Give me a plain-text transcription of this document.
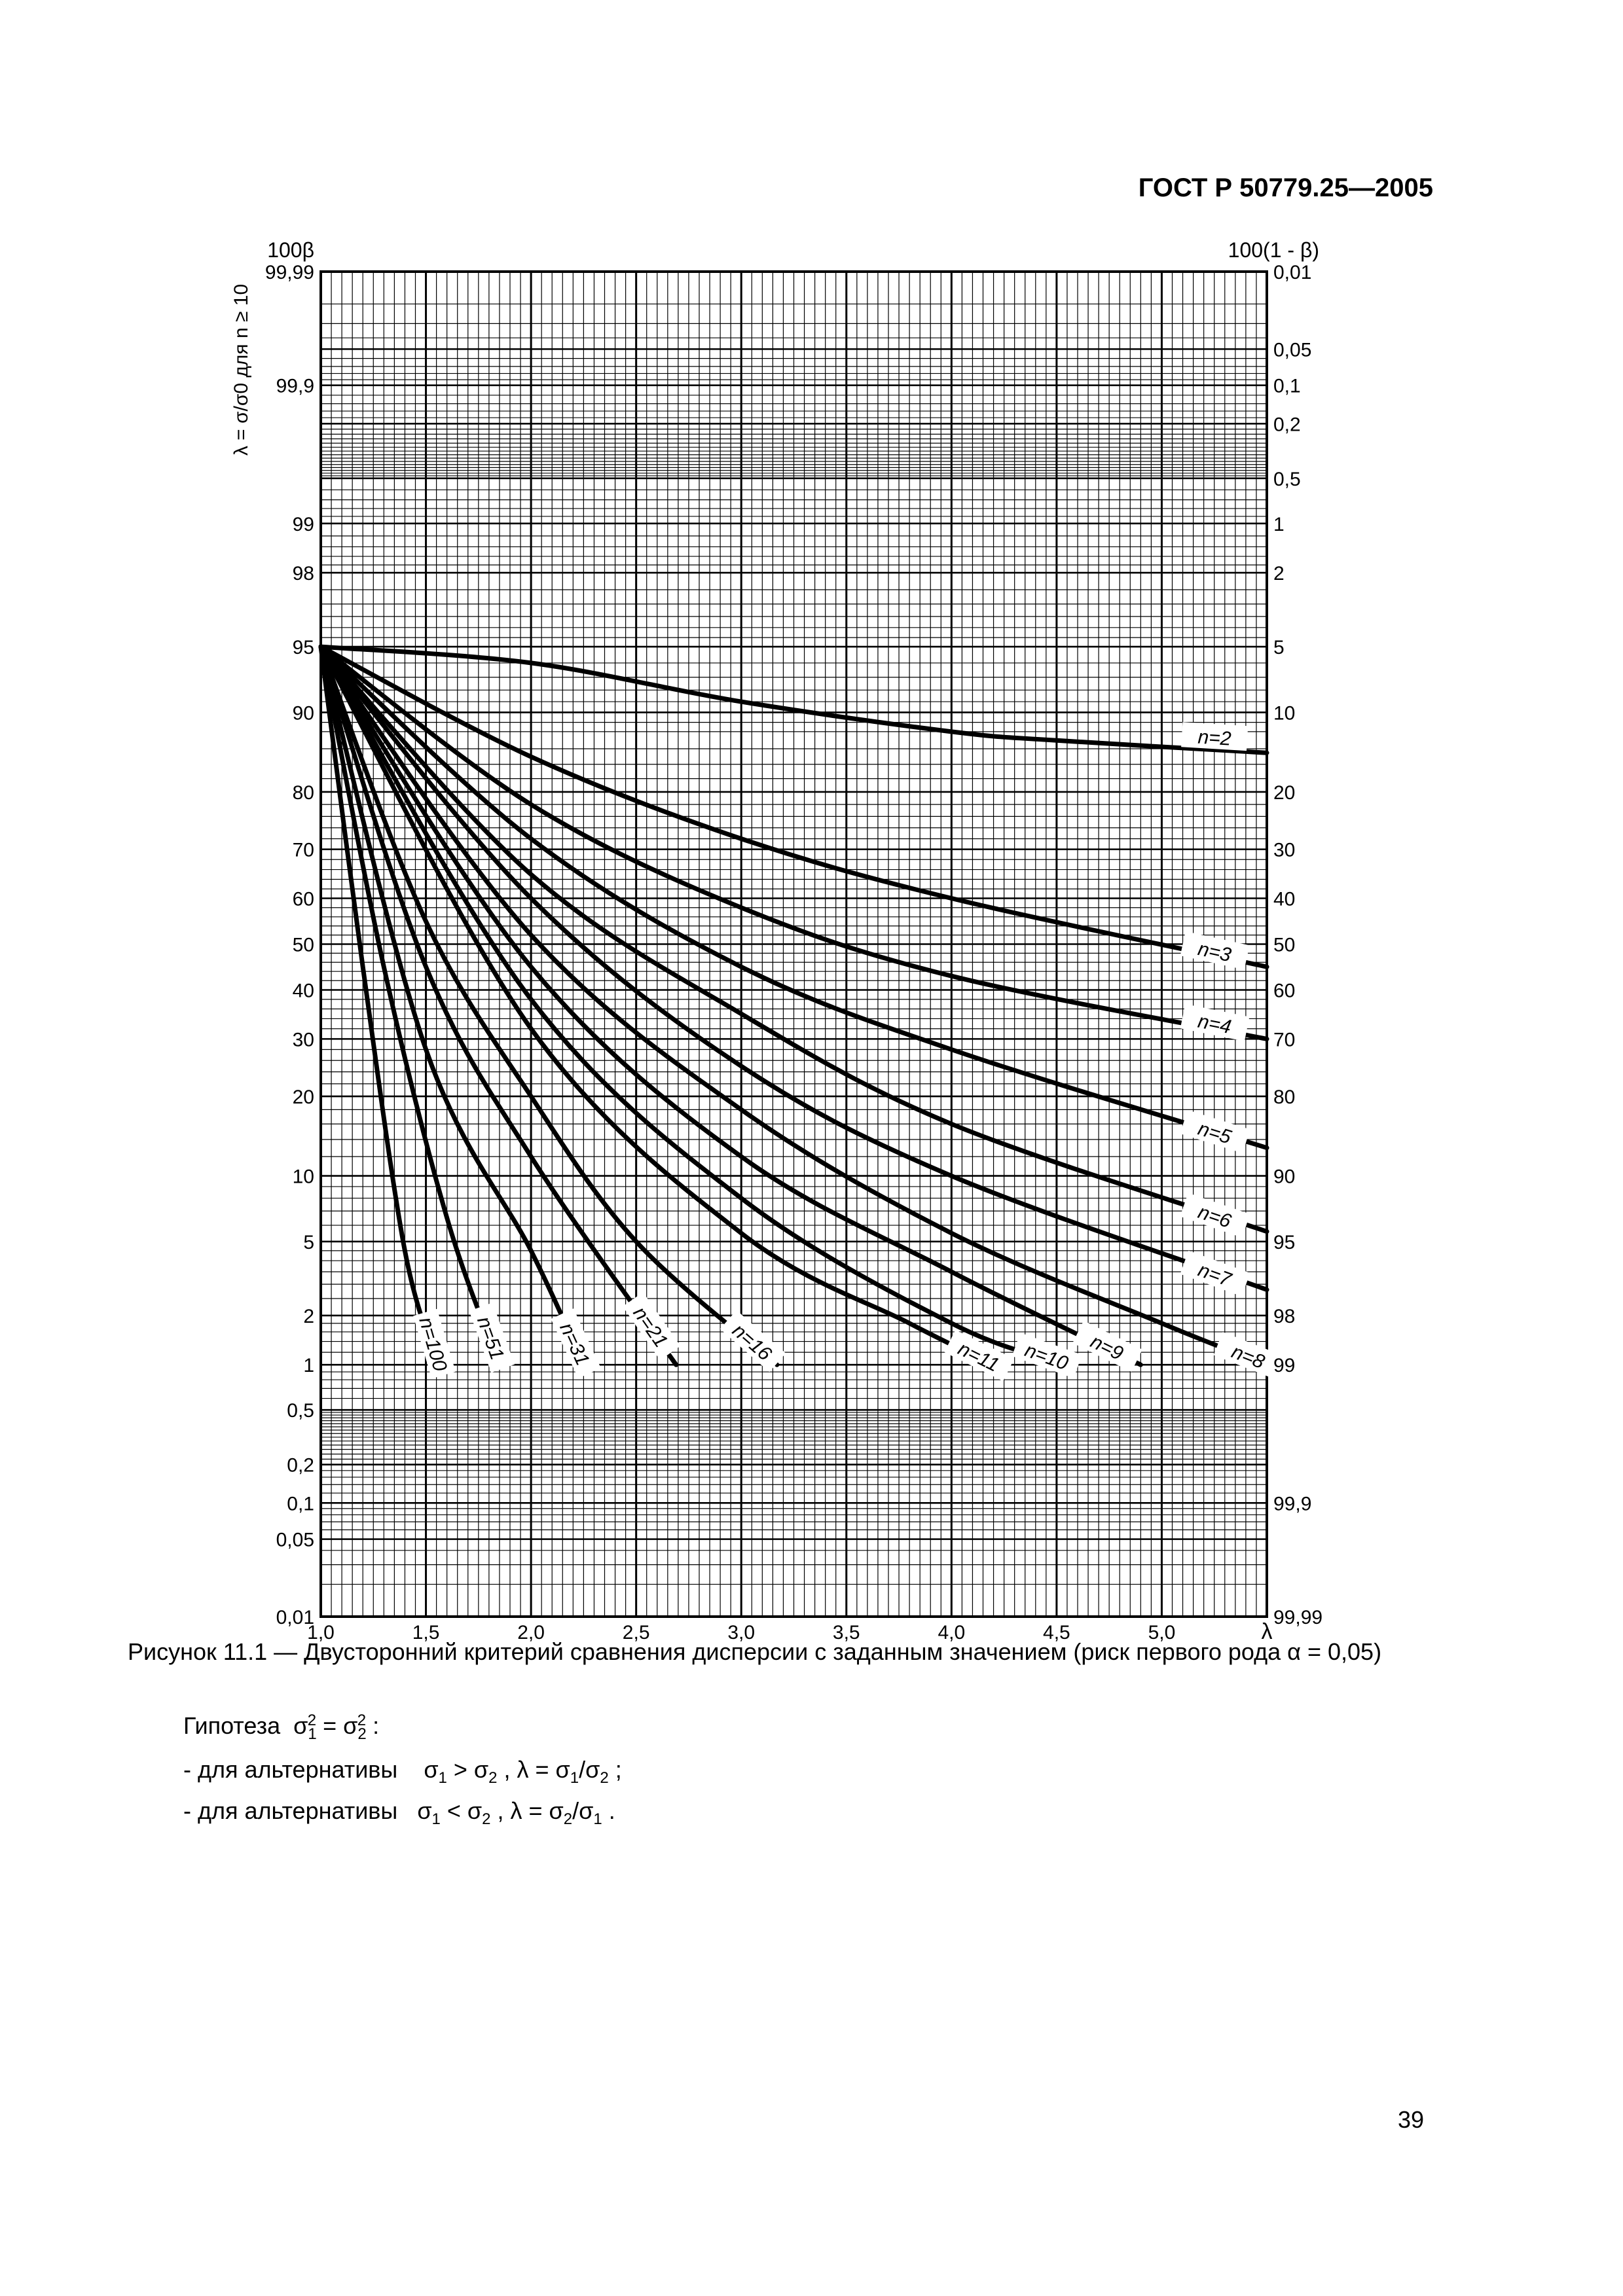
ГОСТ Р 50779.25—2005
n=2
n=3
n=4
n=5
n=6
n=7
n=8
n=9
n=10
n=11
n=16
n=21
n=31
n=51
n=100
99,99
99,9
99
98
95
90
80
70
60
50
40
30
20
10
5
2
1
0,5
0,2
0,1
0,05
0,01
0,01
0,05
0,1
0,2
0,5
1
2
5
10
20
30
40
50
60
70
80
90
95
98
99
99,9
99,99
1,0	1,5	2,0	2,5	3,0	3,5	4,0	4,5	5,0
100β	100(1 - β)
λ
λ = σ/σ0 для n ≥ 10
Рисунок 11.1 — Двусторонний критерий сравнения дисперсии с заданным значением (риск первого рода α = 0,05)
Гипотеза  $\sigma_1^2 = \sigma_2^2$ :
- для альтернативы    $\sigma_1 > \sigma_2$ , $\lambda = \sigma_1/\sigma_2$ ;
- для альтернативы   $\sigma_1 < \sigma_2$ , $\lambda = \sigma_2/\sigma_1$ .
39
